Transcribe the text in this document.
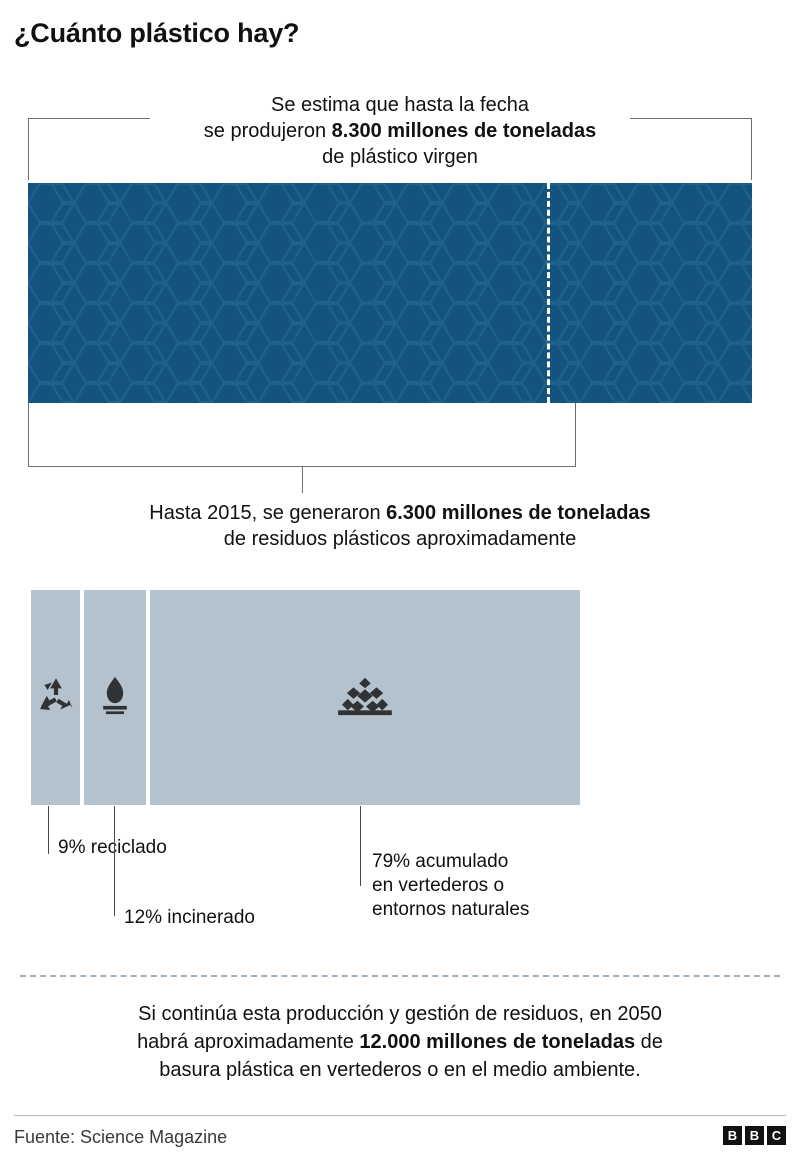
¿Cuánto plástico hay?
Se estima que hasta la fecha
se produjeron 8.300 millones de toneladas
de plástico virgen
Hasta 2015, se generaron 6.300 millones de toneladas
de residuos plásticos aproximadamente
9% reciclado
12% incinerado
79% acumulado
en vertederos o
entornos naturales
Si continúa esta producción y gestión de residuos, en 2050
habrá aproximadamente 12.000 millones de toneladas de
basura plástica en vertederos o en el medio ambiente.
Fuente: Science Magazine	B B C
